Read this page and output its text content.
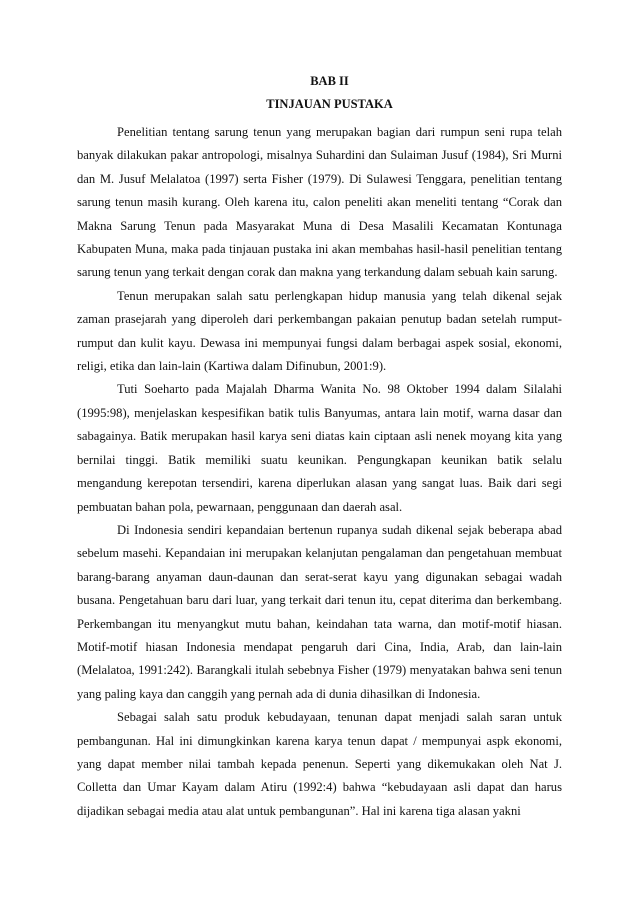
BAB II
TINJAUAN PUSTAKA

Penelitian tentang sarung tenun yang merupakan bagian dari rumpun seni rupa telah banyak dilakukan pakar antropologi, misalnya Suhardini dan Sulaiman Jusuf (1984), Sri Murni dan M. Jusuf Melalatoa (1997) serta Fisher (1979). Di Sulawesi Tenggara, penelitian tentang sarung tenun masih kurang. Oleh karena itu, calon peneliti akan meneliti tentang “Corak dan Makna Sarung Tenun pada Masyarakat Muna di Desa Masalili Kecamatan Kontunaga Kabupaten Muna, maka pada tinjauan pustaka ini akan membahas hasil-hasil penelitian tentang sarung tenun yang terkait dengan corak dan makna yang terkandung dalam sebuah kain sarung.

Tenun merupakan salah satu perlengkapan hidup manusia yang telah dikenal sejak zaman prasejarah yang diperoleh dari perkembangan pakaian penutup badan setelah rumput-rumput dan kulit kayu. Dewasa ini mempunyai fungsi dalam berbagai aspek sosial, ekonomi, religi, etika dan lain-lain (Kartiwa dalam Difinubun, 2001:9).

Tuti Soeharto pada Majalah Dharma Wanita No. 98 Oktober 1994 dalam Silalahi (1995:98), menjelaskan kespesifikan batik tulis Banyumas, antara lain motif, warna dasar dan sabagainya. Batik merupakan hasil karya seni diatas kain ciptaan asli nenek moyang kita yang bernilai tinggi. Batik memiliki suatu keunikan. Pengungkapan keunikan batik selalu mengandung kerepotan tersendiri, karena diperlukan alasan yang sangat luas. Baik dari segi pembuatan bahan pola, pewarnaan, penggunaan dan daerah asal.

Di Indonesia sendiri kepandaian bertenun rupanya sudah dikenal sejak beberapa abad sebelum masehi. Kepandaian ini merupakan kelanjutan pengalaman dan pengetahuan membuat barang-barang anyaman daun-daunan dan serat-serat kayu yang digunakan sebagai wadah busana. Pengetahuan baru dari luar, yang terkait dari tenun itu, cepat diterima dan berkembang. Perkembangan itu menyangkut mutu bahan, keindahan tata warna, dan motif-motif hiasan. Motif-motif hiasan Indonesia mendapat pengaruh dari Cina, India, Arab, dan lain-lain (Melalatoa, 1991:242). Barangkali itulah sebebnya Fisher (1979) menyatakan bahwa seni tenun yang paling kaya dan canggih yang pernah ada di dunia dihasilkan di Indonesia.

Sebagai salah satu produk kebudayaan, tenunan dapat menjadi salah saran untuk pembangunan. Hal ini dimungkinkan karena karya tenun dapat / mempunyai aspk ekonomi, yang dapat member nilai tambah kepada penenun. Seperti yang dikemukakan oleh Nat J. Colletta dan Umar Kayam dalam Atiru (1992:4) bahwa “kebudayaan asli dapat dan harus dijadikan sebagai media atau alat untuk pembangunan”. Hal ini karena tiga alasan yakni
